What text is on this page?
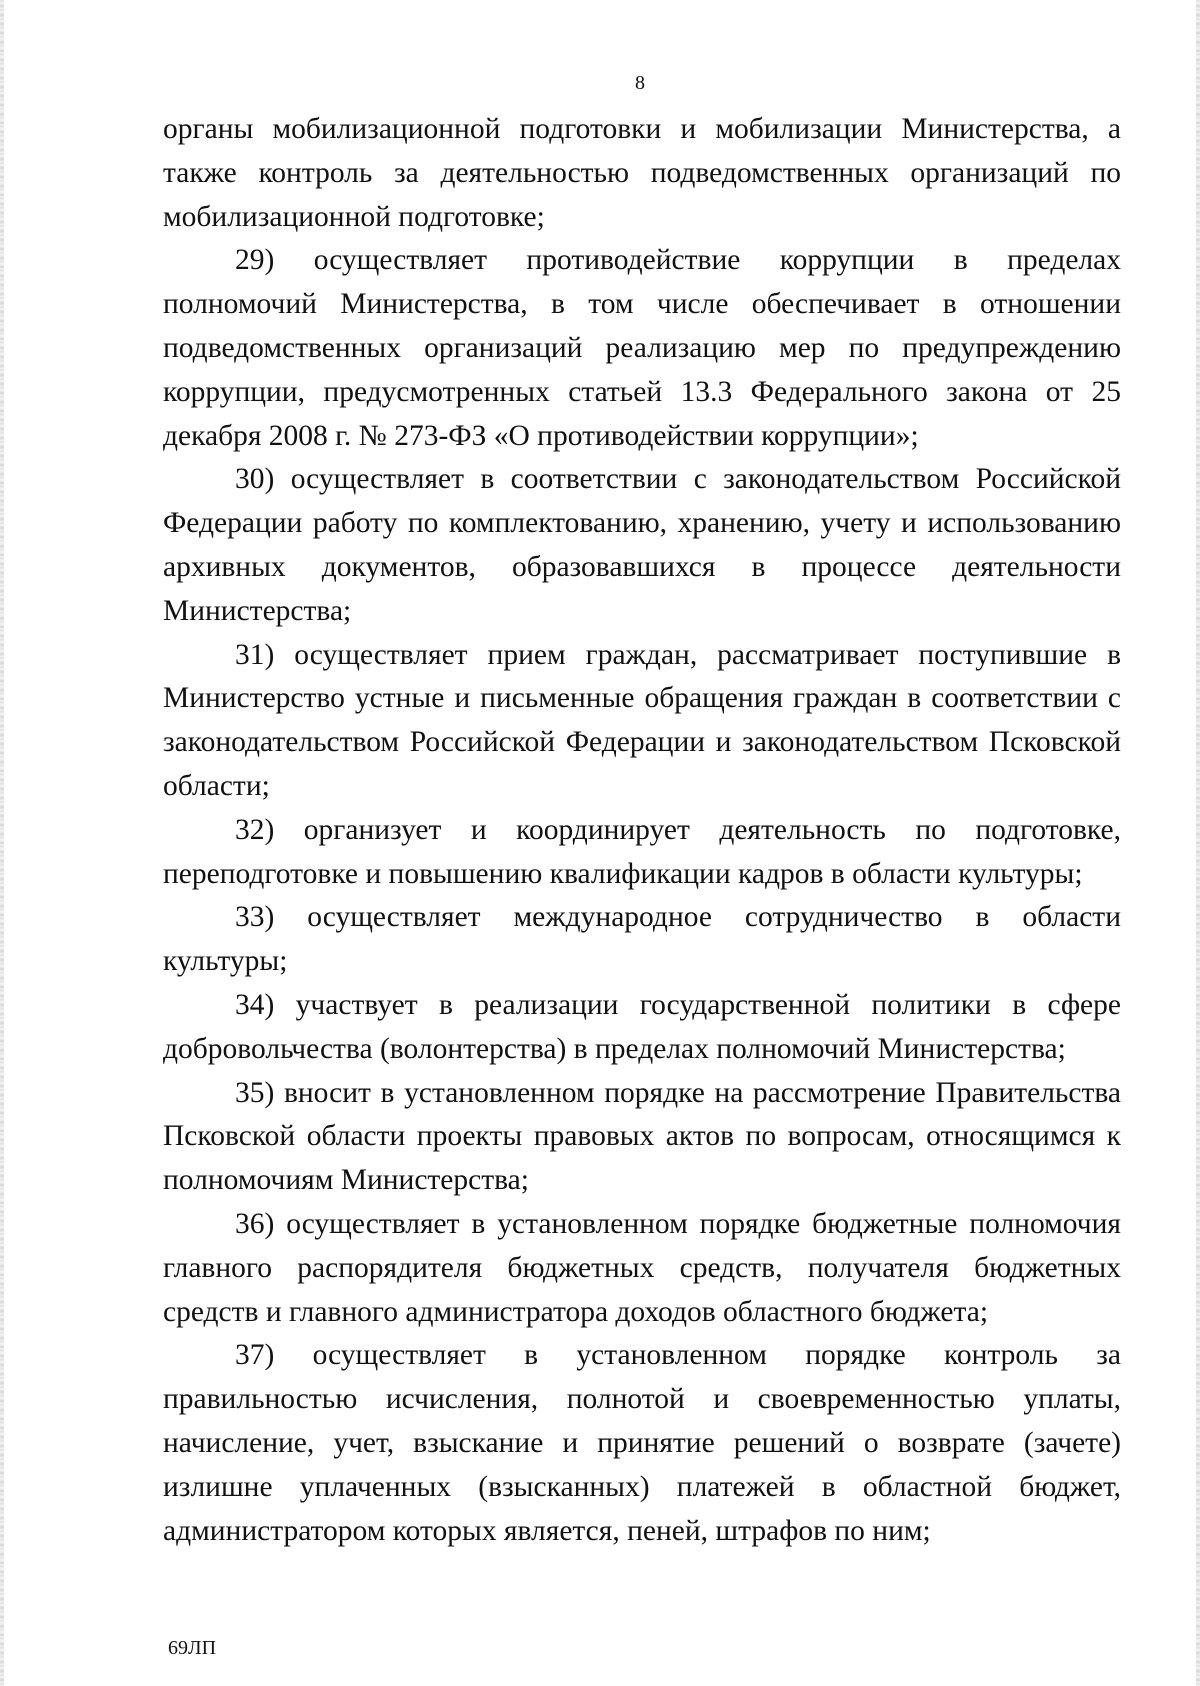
8

органы мобилизационной подготовки и мобилизации Министерства, а также контроль за деятельностью подведомственных организаций по мобилизационной подготовке;

29) осуществляет противодействие коррупции в пределах полномочий Министерства, в том числе обеспечивает в отношении подведомственных организаций реализацию мер по предупреждению коррупции, предусмотренных статьей 13.3 Федерального закона от 25 декабря 2008 г. № 273-ФЗ «О противодействии коррупции»;

30) осуществляет в соответствии с законодательством Российской Федерации работу по комплектованию, хранению, учету и использованию архивных документов, образовавшихся в процессе деятельности Министерства;

31) осуществляет прием граждан, рассматривает поступившие в Министерство устные и письменные обращения граждан в соответствии с законодательством Российской Федерации и законодательством Псковской области;

32) организует и координирует деятельность по подготовке, переподготовке и повышению квалификации кадров в области культуры;

33) осуществляет международное сотрудничество в области культуры;

34) участвует в реализации государственной политики в сфере добровольчества (волонтерства) в пределах полномочий Министерства;

35) вносит в установленном порядке на рассмотрение Правительства Псковской области проекты правовых актов по вопросам, относящимся к полномочиям Министерства;

36) осуществляет в установленном порядке бюджетные полномочия главного распорядителя бюджетных средств, получателя бюджетных средств и главного администратора доходов областного бюджета;

37) осуществляет в установленном порядке контроль за правильностью исчисления, полнотой и своевременностью уплаты, начисление, учет, взыскание и принятие решений о возврате (зачете) излишне уплаченных (взысканных) платежей в областной бюджет, администратором которых является, пеней, штрафов по ним;

69ЛП
